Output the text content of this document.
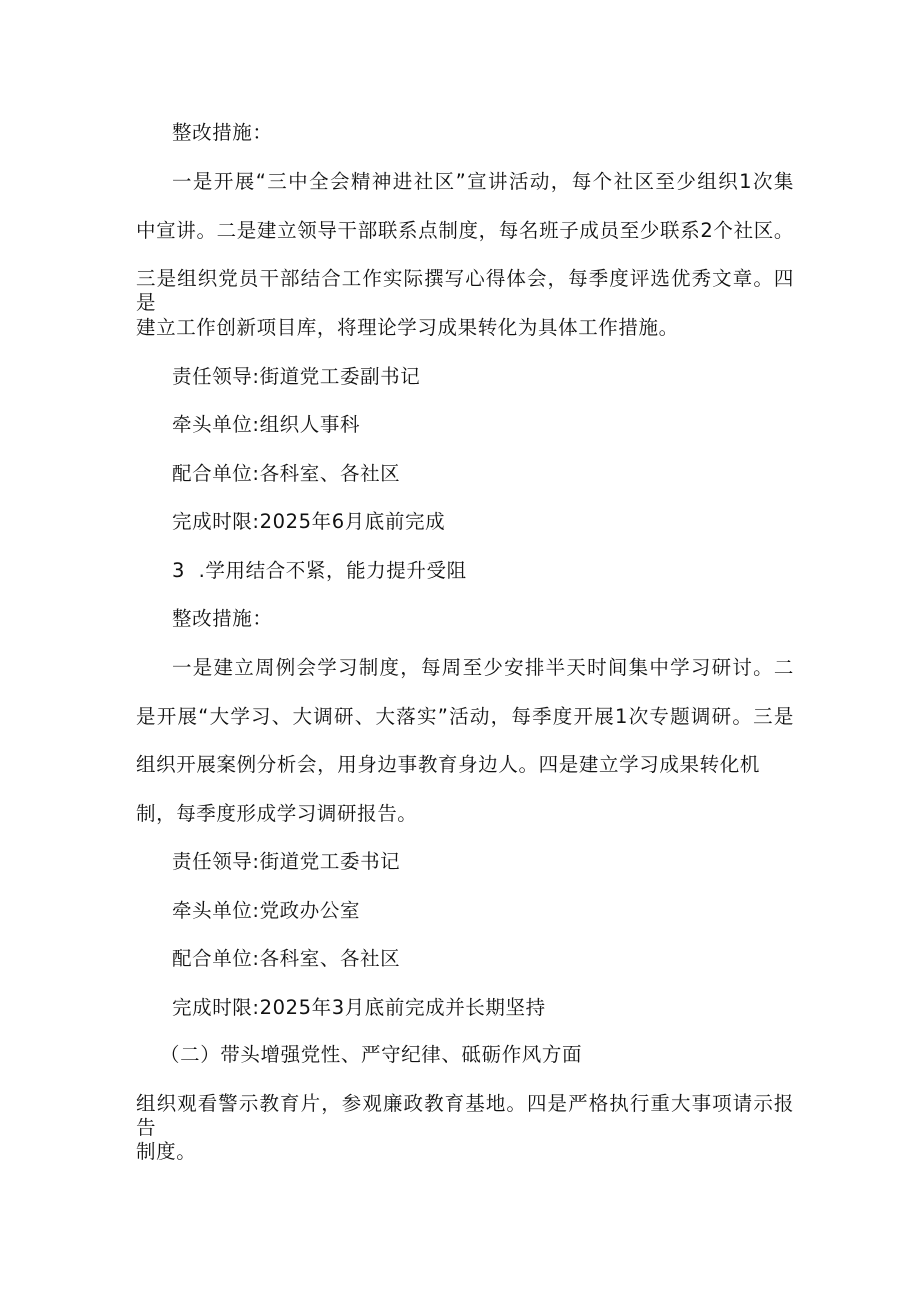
整改措施：
一是开展“三中全会精神进社区”宣讲活动，每个社区至少组织1次集
中宣讲。二是建立领导干部联系点制度，每名班子成员至少联系2个社区。
三是组织党员干部结合工作实际撰写心得体会，每季度评选优秀文章。四是
建立工作创新项目库，将理论学习成果转化为具体工作措施。
责任领导:街道党工委副书记
牵头单位:组织人事科
配合单位:各科室、各社区
完成时限:2025年6月底前完成
3  .学用结合不紧，能力提升受阻
整改措施：
一是建立周例会学习制度，每周至少安排半天时间集中学习研讨。二
是开展“大学习、大调研、大落实”活动，每季度开展1次专题调研。三是
组织开展案例分析会，用身边事教育身边人。四是建立学习成果转化机
制，每季度形成学习调研报告。
责任领导:街道党工委书记
牵头单位:党政办公室
配合单位:各科室、各社区
完成时限:2025年3月底前完成并长期坚持
（二）带头增强党性、严守纪律、砥砺作风方面
组织观看警示教育片，参观廉政教育基地。四是严格执行重大事项请示报告
制度。
